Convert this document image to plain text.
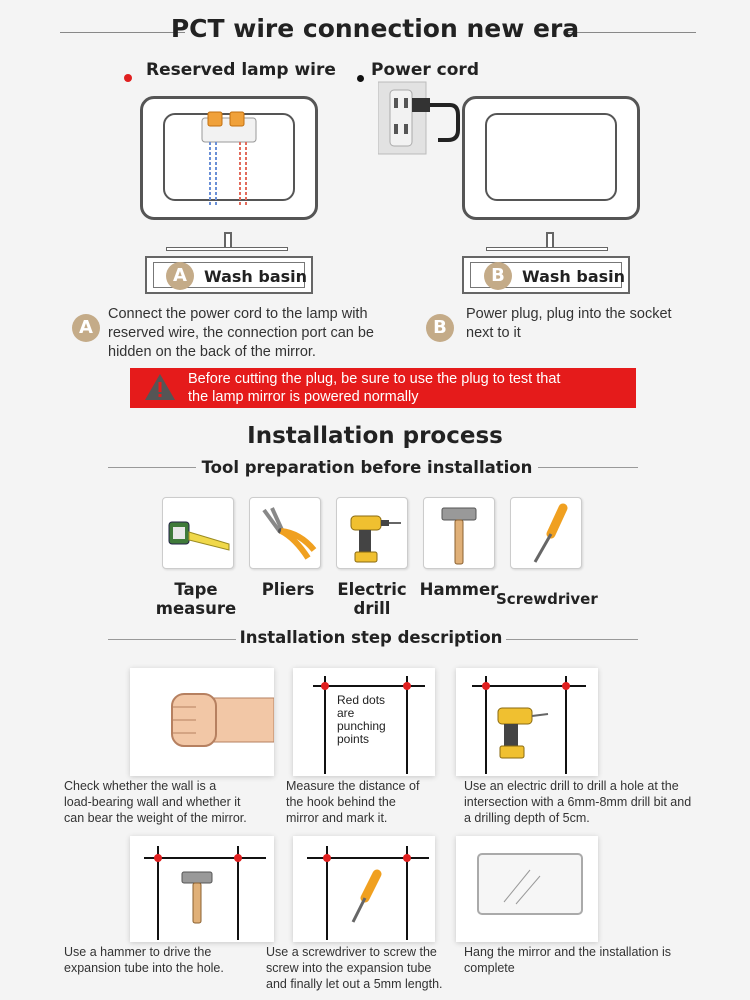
PCT wire connection new era
Reserved lamp wire Power cord
A	Wash basin	B	Wash basin
A
Connect the power cord to the lamp with
reserved wire, the connection port can be
hidden on the back of the mirror.
B
Power plug, plug into the socket
next to it
Before cutting the plug, be sure to use the plug to test that
the lamp mirror is powered normally
Installation process
Tool preparation before installation
Tape
measure
Pliers	Electric
drill
Hammer
Screwdriver
Installation step description
Red dots
are
punching
points
Check whether the wall is a
load-bearing wall and whether it
can bear the weight of the mirror.
Measure the distance of
the hook behind the
mirror and mark it.
Use an electric drill to drill a hole at the
intersection with a 6mm-8mm drill bit and
a drilling depth of 5cm.
Use a hammer to drive the
expansion tube into the hole.
Use a screwdriver to screw the
screw into the expansion tube
and finally let out a 5mm length.
Hang the mirror and the installation is
complete
